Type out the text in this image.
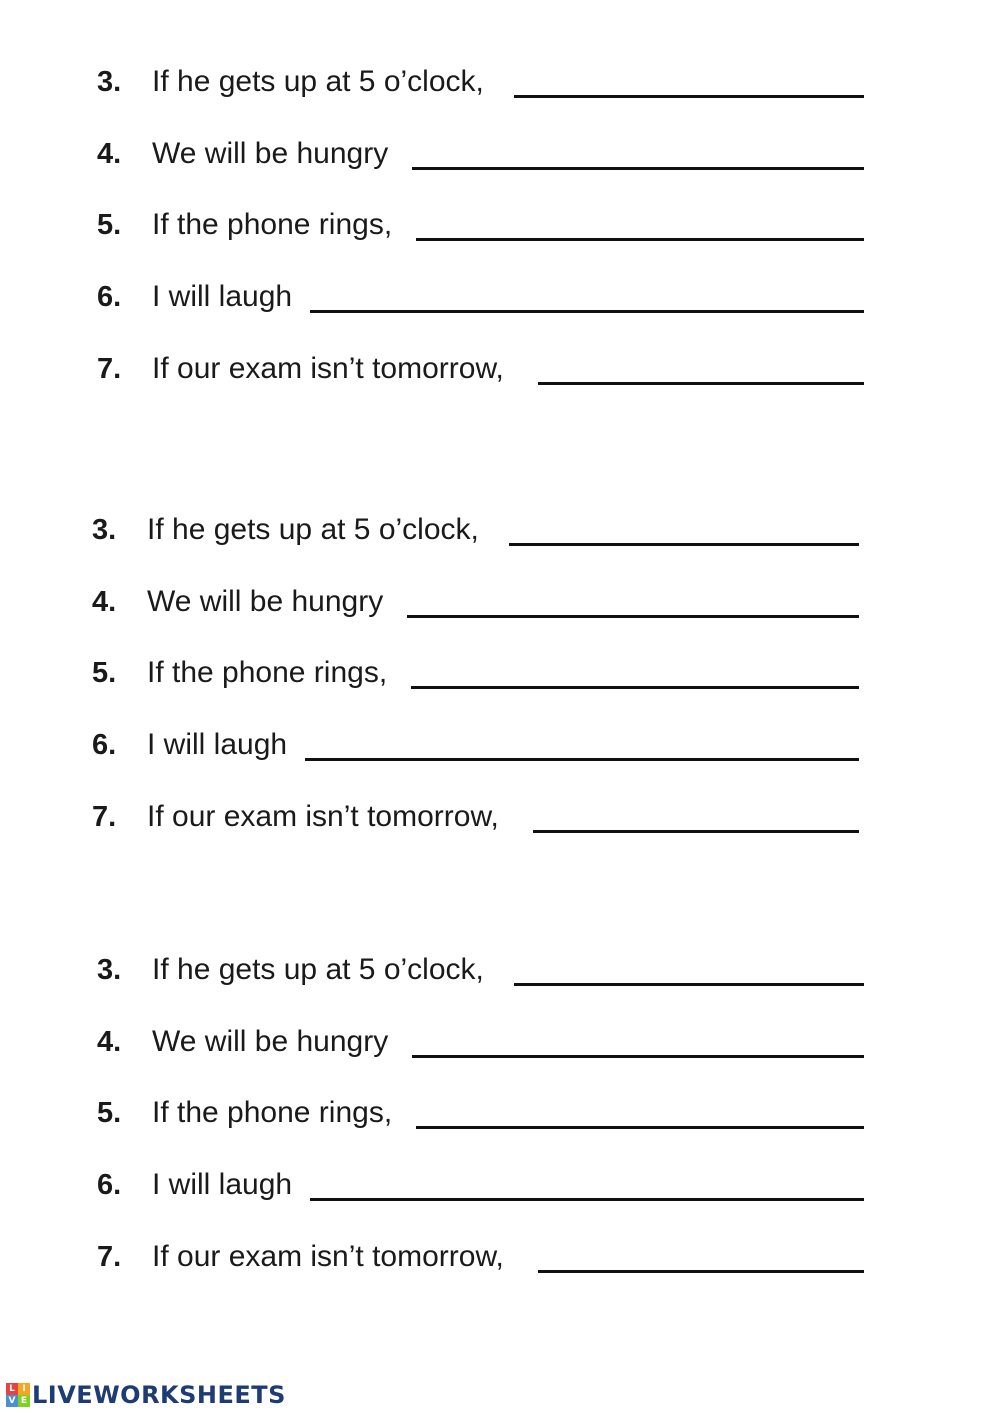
3. If he gets up at 5 o’clock,
4. We will be hungry
5. If the phone rings,
6. I will laugh
7. If our exam isn’t tomorrow,
3. If he gets up at 5 o’clock,
4. We will be hungry
5. If the phone rings,
6. I will laugh
7. If our exam isn’t tomorrow,
3. If he gets up at 5 o’clock,
4. We will be hungry
5. If the phone rings,
6. I will laugh
7. If our exam isn’t tomorrow,
L I
V E LIVEWORKSHEETS
